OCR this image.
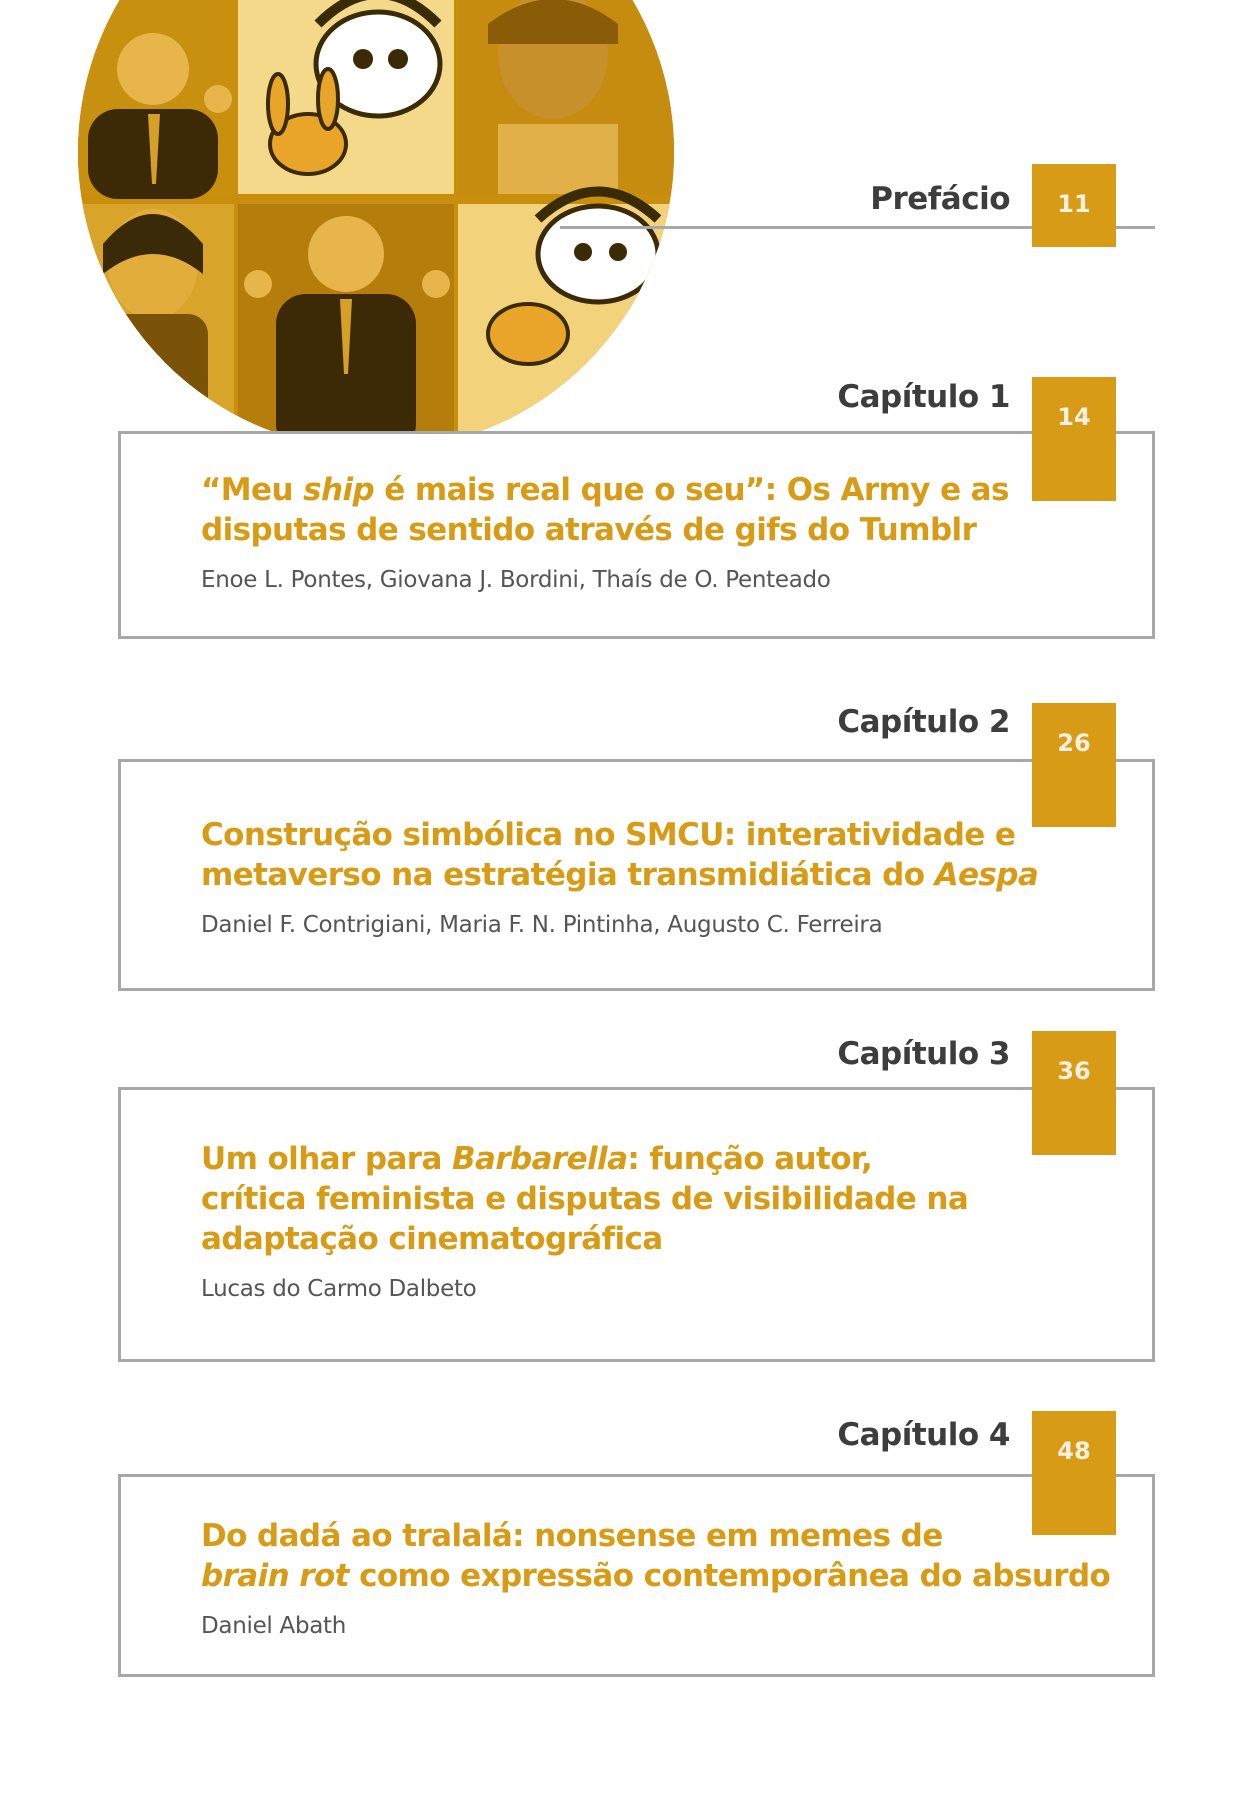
Prefácio	11
Capítulo 1
“Meu ship é mais real que o seu”: Os Army e as
disputas de sentido através de gifs do Tumblr
Enoe L. Pontes, Giovana J. Bordini, Thaís de O. Penteado
14
Capítulo 2
Construção simbólica no SMCU: interatividade e
metaverso na estratégia transmidiática do Aespa
Daniel F. Contrigiani, Maria F. N. Pintinha, Augusto C. Ferreira
26
Capítulo 3
Um olhar para Barbarella: função autor,
crítica feminista e disputas de visibilidade na
adaptação cinematográfica
Lucas do Carmo Dalbeto
36
Capítulo 4
Do dadá ao tralalá: nonsense em memes de
brain rot como expressão contemporânea do absurdo
Daniel Abath
48
